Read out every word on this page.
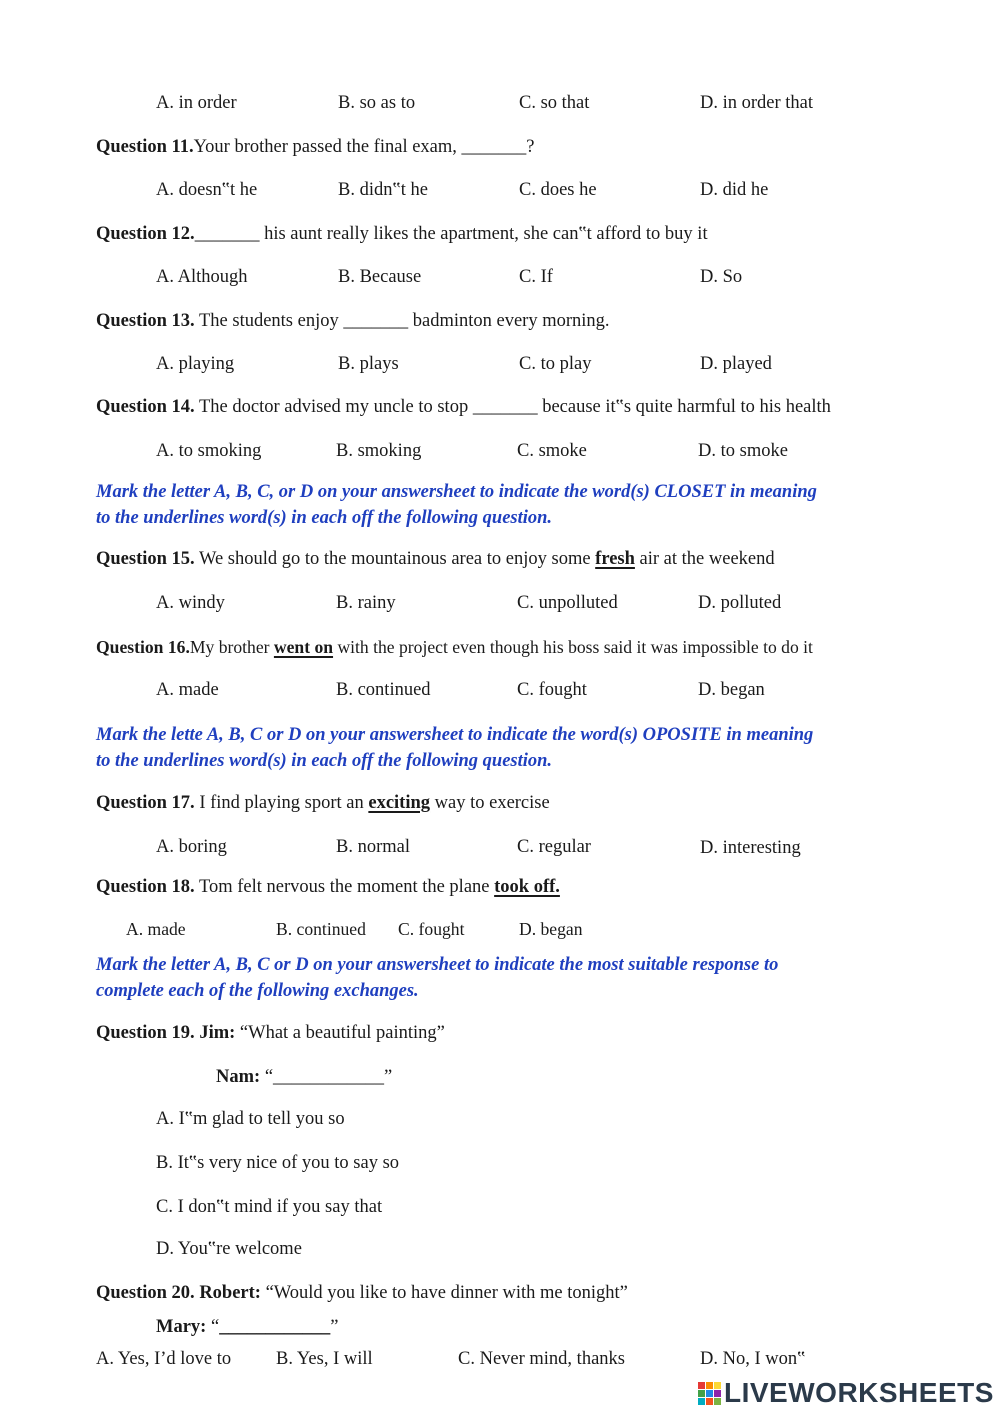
A. in order	B. so as to	C. so that	D. in order that
Question 11.Your brother passed the final exam, _______?
A. doesn‟t he	B. didn‟t he	C. does he	D. did he
Question 12._______ his aunt really likes the apartment, she can‟t afford to buy it
A. Although	B. Because	C. If	D. So
Question 13. The students enjoy _______ badminton every morning.
A. playing	B. plays	C. to play	D. played
Question 14. The doctor advised my uncle to stop _______ because it‟s quite harmful to his health
A. to smoking	B. smoking	C. smoke	D. to smoke
Mark the letter A, B, C, or D on your answersheet to indicate the word(s) CLOSET in meaning
to the underlines word(s) in each off the following question.
Question 15. We should go to the mountainous area to enjoy some fresh air at the weekend
A. windy	B. rainy	C. unpolluted	D. polluted
Question 16.My brother went on with the project even though his boss said it was impossible to do it
A. made	B. continued	C. fought	D. began
Mark the lette A, B, C or D on your answersheet to indicate the word(s) OPOSITE in meaning
to the underlines word(s) in each off the following question.
Question 17. I find playing sport an exciting way to exercise
A. boring	B. normal	C. regular	D. interesting
Question 18. Tom felt nervous the moment the plane took off.
A. made	B. continued C. fought	D. began
Mark the letter A, B, C or D on your answersheet to indicate the most suitable response to
complete each of the following exchanges.
Question 19. Jim: “What a beautiful painting”
Nam: “____________”
A. I‟m glad to tell you so
B. It‟s very nice of you to say so
C. I don‟t mind if you say that
D. You‟re welcome
Question 20. Robert: “Would you like to have dinner with me tonight”
Mary: “____________”
A. Yes, I’d love to B. Yes, I will	C. Never mind, thanks	D. No, I won‟
LIVEWORKSHEETS
